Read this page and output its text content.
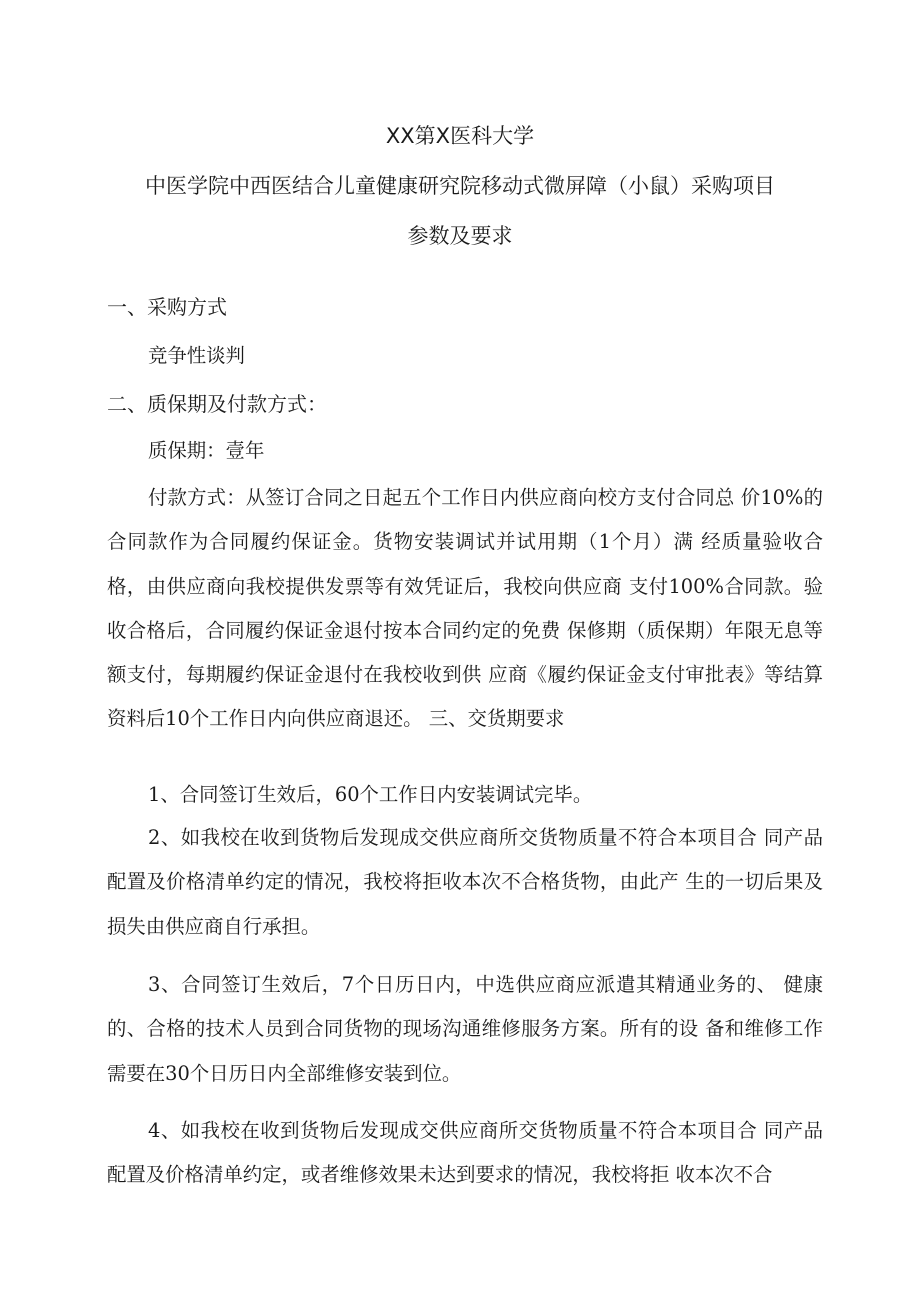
XX第X医科大学
中医学院中西医结合儿童健康研究院移动式微屏障（小鼠）采购项目
参数及要求
一、采购方式

竞争性谈判

二、质保期及付款方式：

质保期：壹年

付款方式：从签订合同之日起五个工作日内供应商向校方支付合同总 价10%的合同款作为合同履约保证金。货物安装调试并试用期（1个月）满 经质量验收合格，由供应商向我校提供发票等有效凭证后，我校向供应商 支付100%合同款。验收合格后，合同履约保证金退付按本合同约定的免费 保修期（质保期）年限无息等额支付，每期履约保证金退付在我校收到供 应商《履约保证金支付审批表》等结算资料后10个工作日内向供应商退还。 三、交货期要求

1、合同签订生效后，60个工作日内安装调试完毕。

2、如我校在收到货物后发现成交供应商所交货物质量不符合本项目合 同产品配置及价格清单约定的情况，我校将拒收本次不合格货物，由此产 生的一切后果及损失由供应商自行承担。

3、合同签订生效后，7个日历日内，中选供应商应派遣其精通业务的、 健康的、合格的技术人员到合同货物的现场沟通维修服务方案。所有的设 备和维修工作需要在30个日历日内全部维修安装到位。

4、如我校在收到货物后发现成交供应商所交货物质量不符合本项目合 同产品配置及价格清单约定，或者维修效果未达到要求的情况，我校将拒 收本次不合
